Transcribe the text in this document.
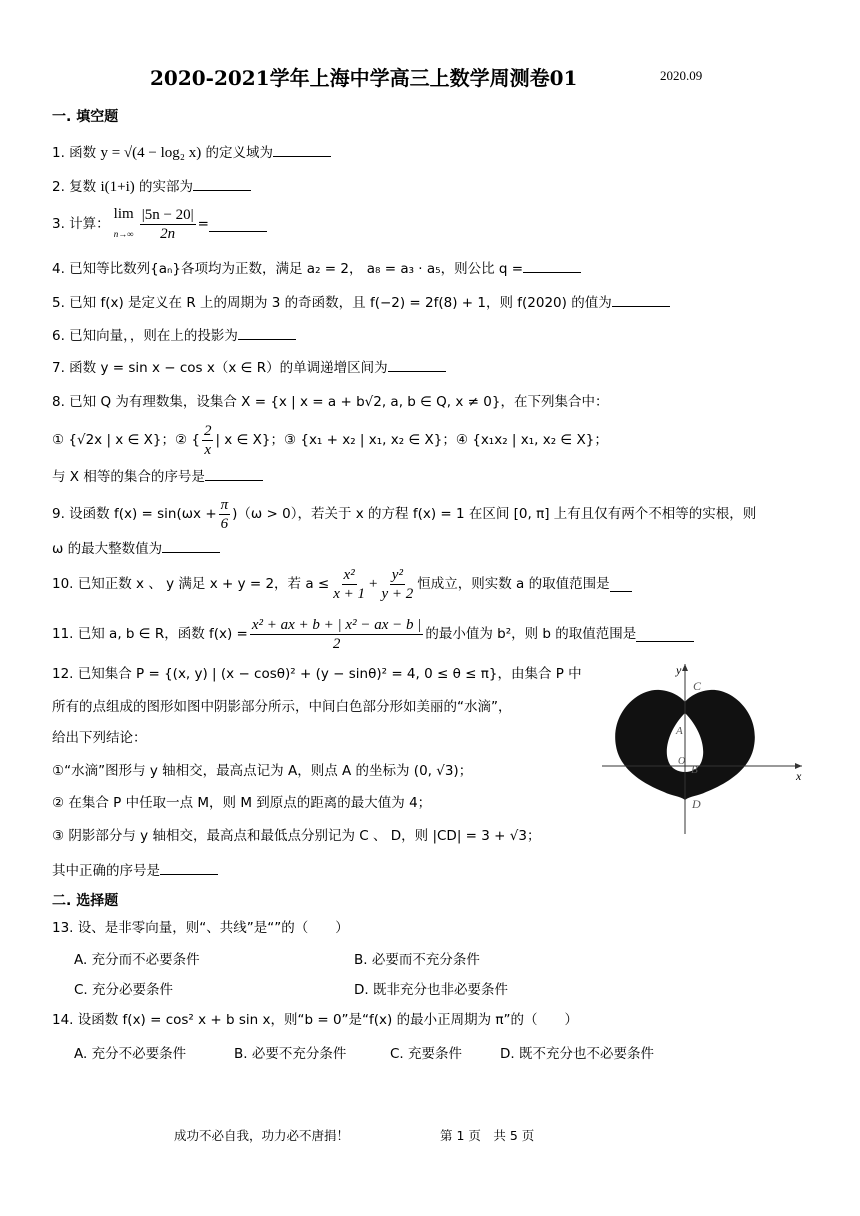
2020-2021学年上海中学高三上数学周测卷01	2020.09
一. 填空题
1. 函数 y = √(4 − log₂ x) 的定义域为
2. 复数 i(1+i) 的实部为
3. 计算：
lim
$n\to\infty \frac{|5n - 20|}{2n}$ =
4. 已知等比数列{aₙ}各项均为正数，满足 a₂ = 2， a₈ = a₃ · a₅，则公比 q =
5. 已知 f(x) 是定义在 R 上的周期为 3 的奇函数，且 f(−2) = 2f(8) + 1，则 f(2020) 的值为
6. 已知向量，，则在上的投影为
7. 函数 y = sin x − cos x（x ∈ R）的单调递增区间为
8. 已知 Q 为有理数集，设集合 X = {x | x = a + b√2, a, b ∈ Q, x ≠ 0}，在下列集合中：
① {√2x | x ∈ X}；② { $\frac{2}{x}$ | x ∈ X}；③ {x₁ + x₂ | x₁, x₂ ∈ X}；④ {x₁x₂ | x₁, x₂ ∈ X}；
与 X 相等的集合的序号是
9. 设函数 $f(x) = \sin(\omega x + \frac{\pi}{6} )(\omega > 0)$，若关于 x 的方程 f(x) = 1 在区间 [0, π] 上有且仅有两个不相等的实根，则
ω 的最大整数值为
10. 已知正数 x 、 y 满足 x + y = 2，若 $a \le \frac{\text{x²}}{x + 1} + \frac{\text{y²}}{y + 2}$ 恒成立，则实数 a 的取值范围是
11. 已知 a, b ∈ R，函数 $f(x) = \frac{\text{x² + ax + b + | x² − ax − b |}}{2}$ 的最小值为 b²，则 b 的取值范围是
12. 已知集合 P = {(x, y) | (x − cosθ)² + (y − sinθ)² = 4, 0 ≤ θ ≤ π}，由集合 P 中
所有的点组成的图形如图中阴影部分所示，中间白色部分形如美丽的“水滴”，
给出下列结论：
①“水滴”图形与 y 轴相交，最高点记为 A，则点 A 的坐标为 (0, √3)；
② 在集合 P 中任取一点 M，则 M 到原点的距离的最大值为 4；
③ 阴影部分与 y 轴相交，最高点和最低点分别记为 C 、 D，则 |CD| = 3 + √3；
其中正确的序号是
y
x
C
A
O
B
D
二. 选择题
13. 设、是非零向量，则“、共线”是“”的（　　）
A. 充分而不必要条件	B. 必要而不充分条件
C. 充分必要条件	D. 既非充分也非必要条件
14. 设函数 f(x) = cos² x + b sin x，则“b = 0”是“f(x) 的最小正周期为 π”的（　　）
A. 充分不必要条件	B. 必要不充分条件	C. 充要条件	D. 既不充分也不必要条件
成功不必自我，功力必不唐捐！	第 1 页　共 5 页
